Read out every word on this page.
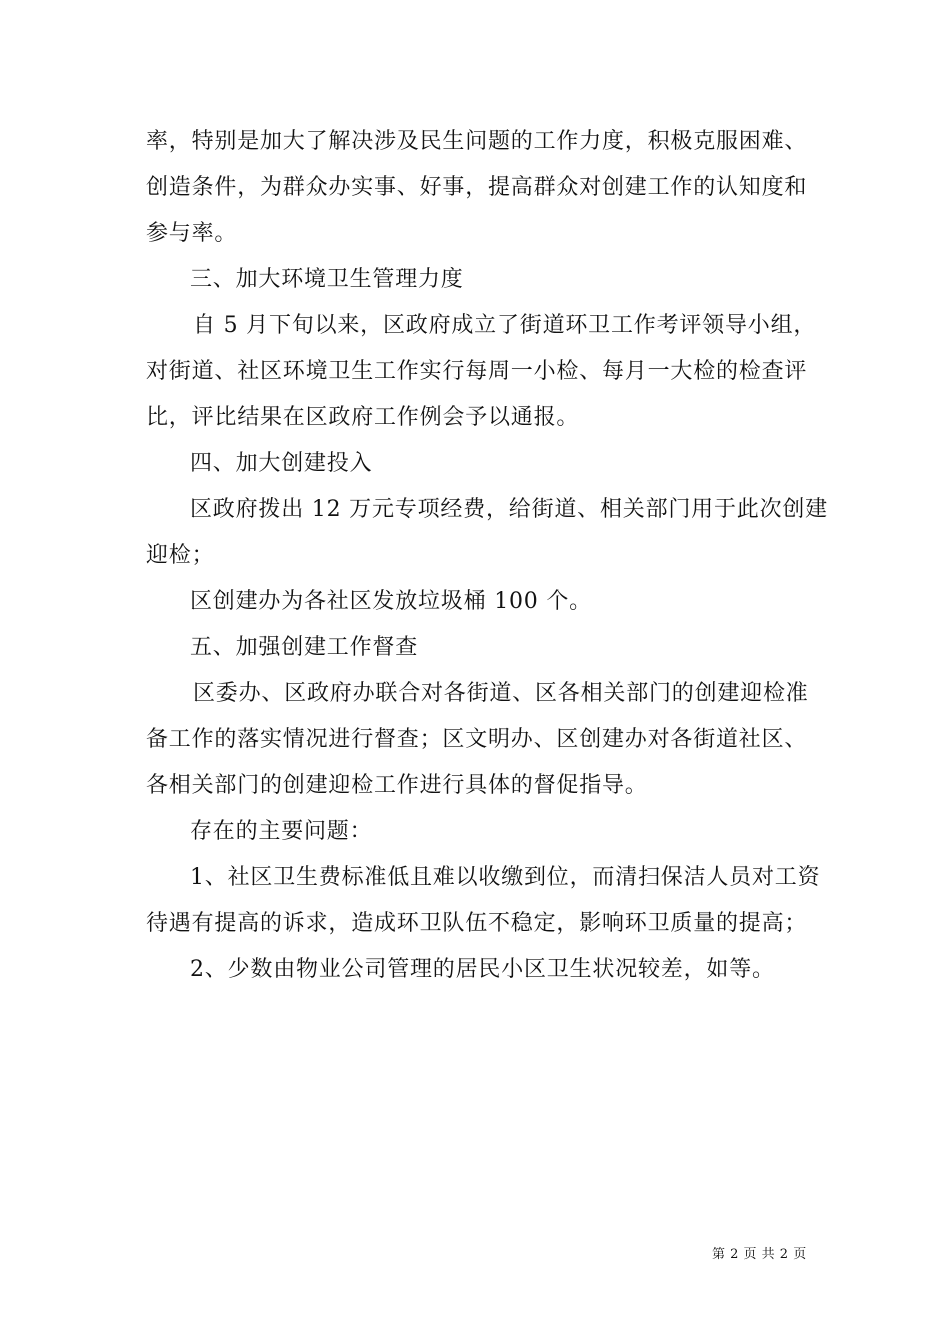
率，特别是加大了解决涉及民生问题的工作力度，积极克服困难、
创造条件，为群众办实事、好事，提高群众对创建工作的认知度和
参与率。
三、加大环境卫生管理力度
自 5 月下旬以来，区政府成立了街道环卫工作考评领导小组，
对街道、社区环境卫生工作实行每周一小检、每月一大检的检查评
比，评比结果在区政府工作例会予以通报。
四、加大创建投入
区政府拨出 12 万元专项经费，给街道、相关部门用于此次创建
迎检；
区创建办为各社区发放垃圾桶 100 个。
五、加强创建工作督查
区委办、区政府办联合对各街道、区各相关部门的创建迎检准
备工作的落实情况进行督查；区文明办、区创建办对各街道社区、
各相关部门的创建迎检工作进行具体的督促指导。
存在的主要问题：
1、社区卫生费标准低且难以收缴到位，而清扫保洁人员对工资
待遇有提高的诉求，造成环卫队伍不稳定，影响环卫质量的提高；
2、少数由物业公司管理的居民小区卫生状况较差，如等。
第 2 页 共 2 页
